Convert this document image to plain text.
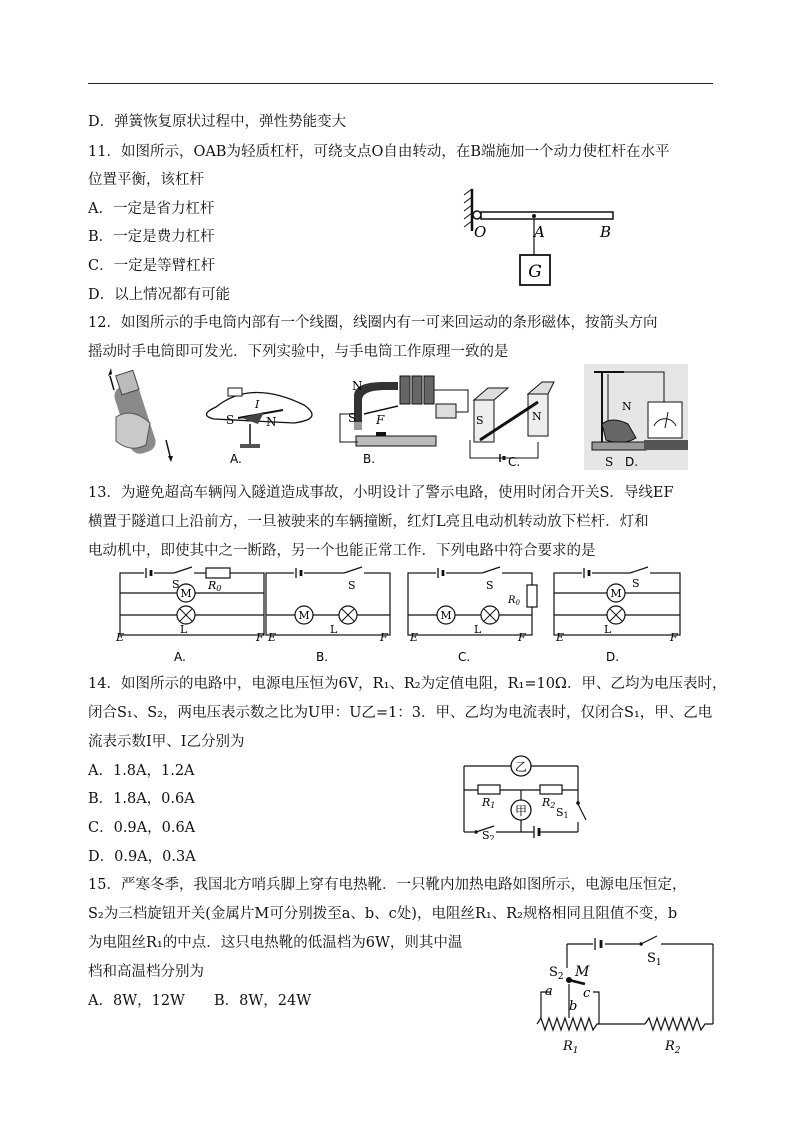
D．弹簧恢复原状过程中，弹性势能变大
11．如图所示，OAB为轻质杠杆，可绕支点O自由转动，在B端施加一个动力使杠杆在水平
位置平衡，该杠杆
A．一定是省力杠杆
B．一定是费力杠杆
C．一定是等臂杠杆
D．以上情况都有可能
G
O	A	B
12．如图所示的手电筒内部有一个线圈，线圈内有一可来回运动的条形磁体，按箭头方向
摇动时手电筒即可发光．下列实验中，与手电筒工作原理一致的是
I
S	N
A.
N
S F
B.
S	N
C.
N
S D.
13．为避免超高车辆闯入隧道造成事故，小明设计了警示电路，使用时闭合开关S．导线EF
横置于隧道口上沿前方，一旦被驶来的车辆撞断，红灯L亮且电动机转动放下栏杆．灯和
电动机中，即使其中之一断路，另一个也能正常工作．下列电路中符合要求的是
M
S	R0
L
E	F
A.
M
S
L
E	F
B.
M
S
$R_0$
L
E	F
C.
M
S
L
E	F
D.
14．如图所示的电路中，电源电压恒为6V，R₁、R₂为定值电阻，R₁=10Ω．甲、乙均为电压表时，
闭合S₁、S₂，两电压表示数之比为U甲：U乙=1：3．甲、乙均为电流表时，仅闭合S₁，甲、乙电
流表示数I甲、I乙分别为
A．1.8A，1.2A
B．1.8A，0.6A
C．0.9A，0.6A
D．0.9A，0.3A
乙
甲
R1	R2
S1
S2
15．严寒冬季，我国北方哨兵脚上穿有电热靴．一只靴内加热电路如图所示，电源电压恒定，
S₂为三档旋钮开关(金属片M可分别拨至a、b、c处)，电阻丝R₁、R₂规格相同且阻值不变，b
为电阻丝R₁的中点．这只电热靴的低温档为6W，则其中温
档和高温档分别为
A．8W，12W　　B．8W，24W
$S_1$
$S_2$ M
a
b
c
$R_1$	$R_2$
